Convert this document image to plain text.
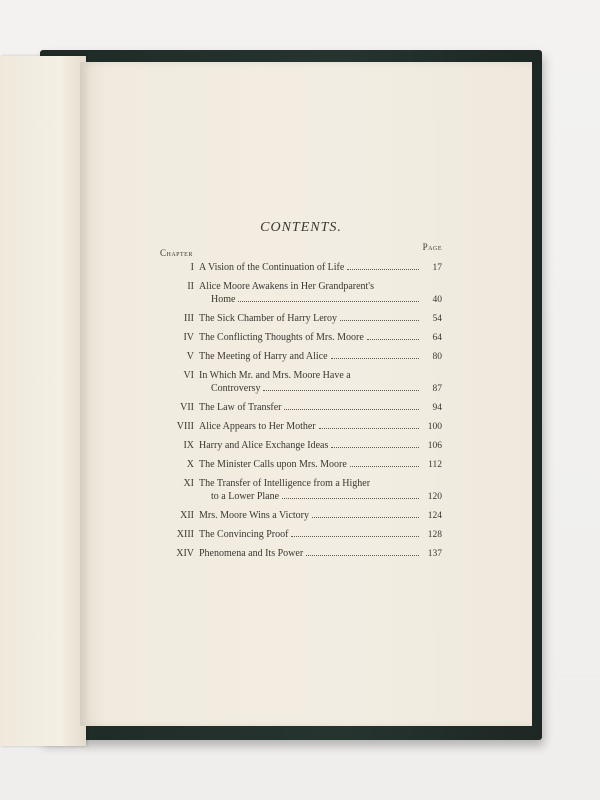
CONTENTS.
Chapter
Page
I A Vision of the Continuation of Life	17
II Alice Moore Awakens in Her Grandparent's
Home	40
III The Sick Chamber of Harry Leroy	54
IV The Conflicting Thoughts of Mrs. Moore	64
V The Meeting of Harry and Alice	80
VI In Which Mr. and Mrs. Moore Have a
Controversy	87
VII The Law of Transfer	94
VIII Alice Appears to Her Mother	100
IX Harry and Alice Exchange Ideas	106
X The Minister Calls upon Mrs. Moore	112
XI The Transfer of Intelligence from a Higher
to a Lower Plane	120
XII Mrs. Moore Wins a Victory	124
XIII The Convincing Proof	128
XIV Phenomena and Its Power	137
